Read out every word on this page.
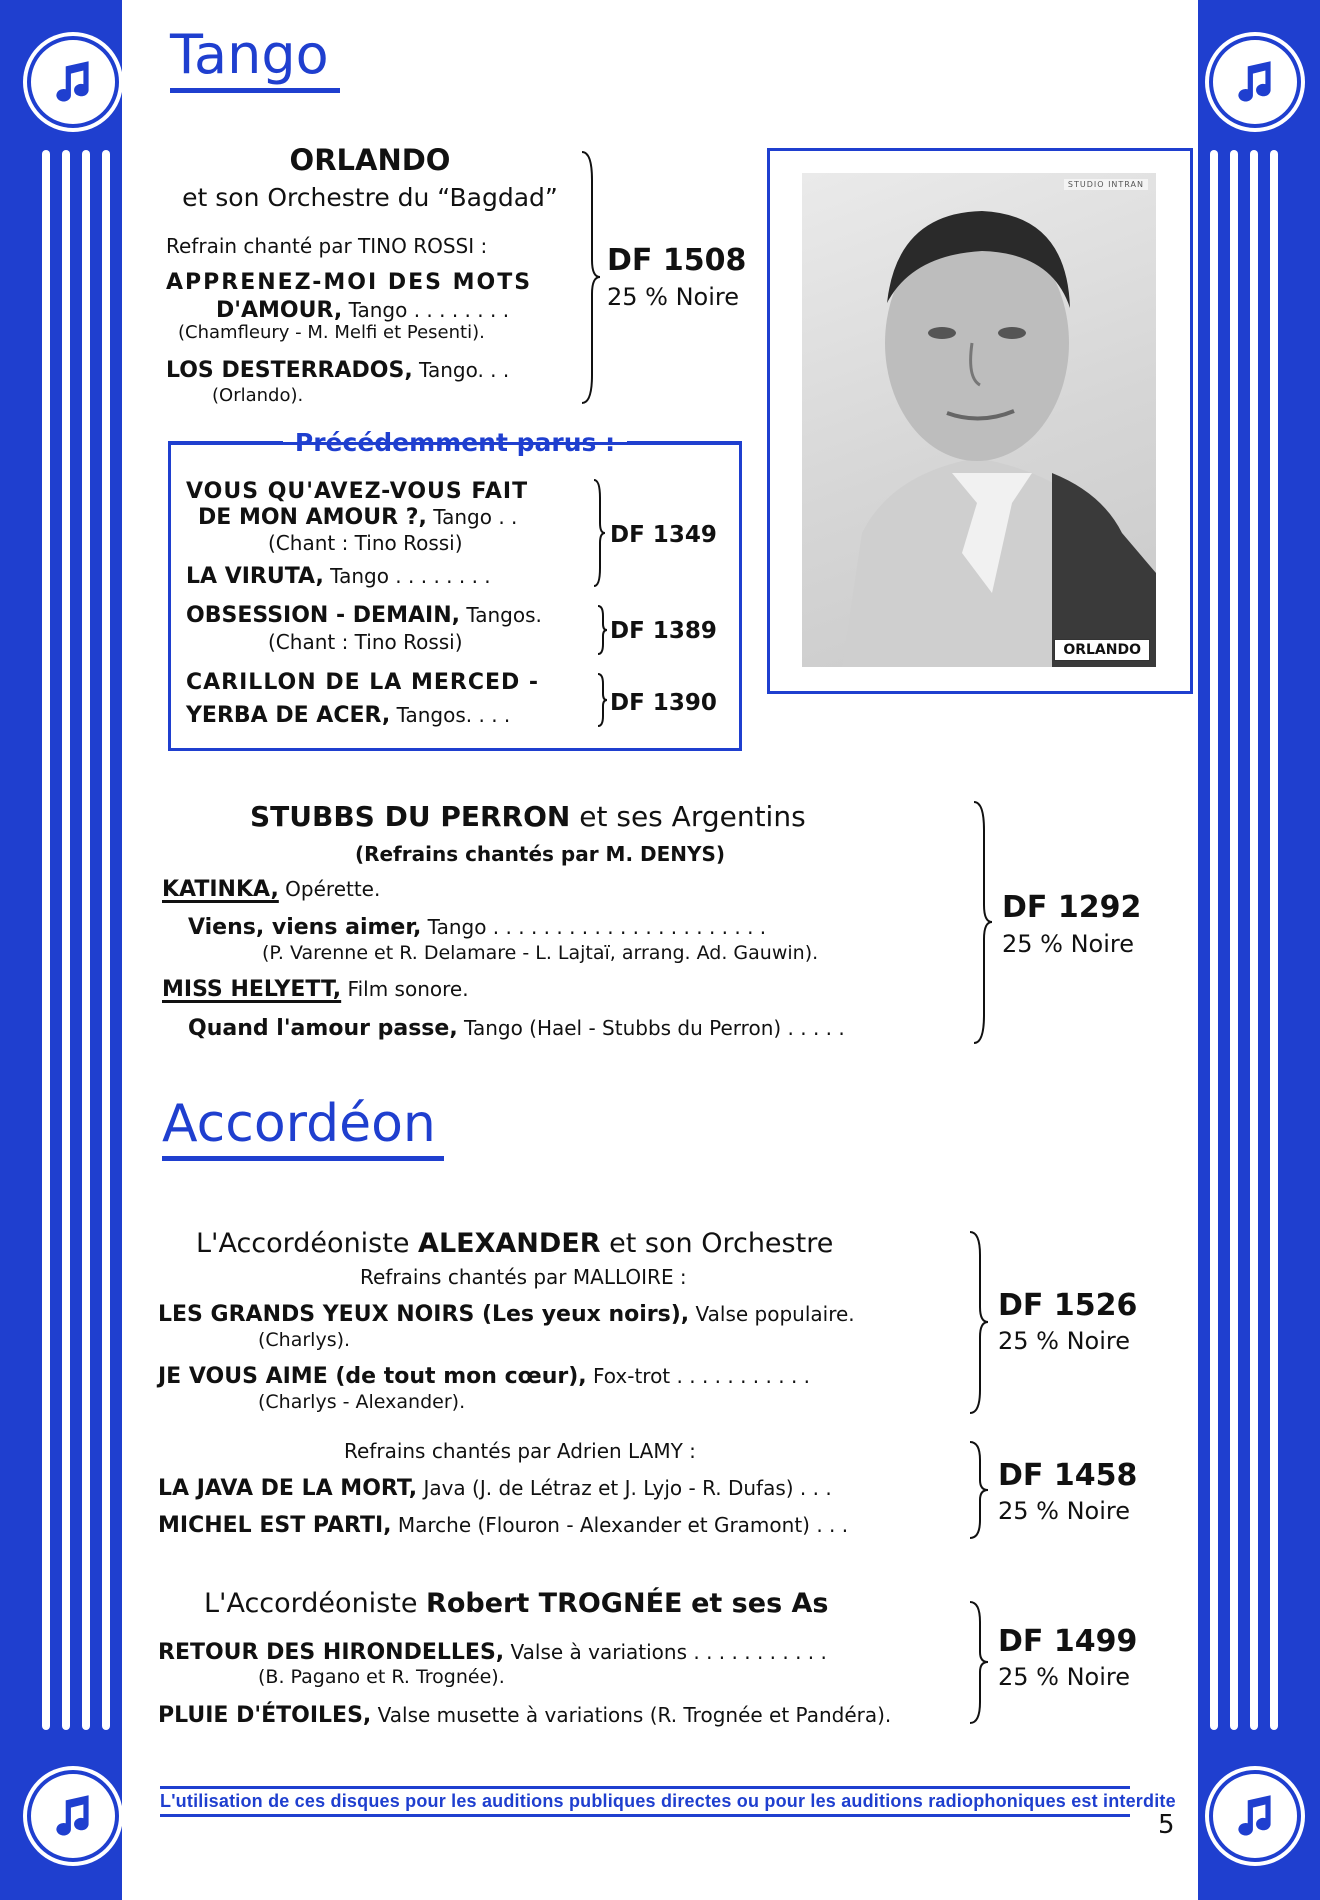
Tango
ORLANDO
et son Orchestre du “Bagdad”
Refrain chanté par TINO ROSSI :
APPRENEZ-MOI DES MOTS
D'AMOUR, Tango . . . . . . . .
(Chamfleury - M. Melfi et Pesenti).
LOS DESTERRADOS, Tango. . .
(Orlando).
DF 1508
25 % Noire
Précédemment parus :
VOUS QU'AVEZ-VOUS FAIT
DE MON AMOUR ?, Tango . .
(Chant : Tino Rossi)
LA VIRUTA, Tango . . . . . . . .
DF 1349
OBSESSION - DEMAIN, Tangos.
(Chant : Tino Rossi)	DF 1389
CARILLON DE LA MERCED -
YERBA DE ACER, Tangos. . . .	DF 1390
STUDIO INTRAN
ORLANDO
STUBBS DU PERRON et ses Argentins
(Refrains chantés par M. DENYS)
KATINKA, Opérette.
Viens, viens aimer, Tango . . . . . . . . . . . . . . . . . . . . . .
(P. Varenne et R. Delamare - L. Lajtaï, arrang. Ad. Gauwin).
MISS HELYETT, Film sonore.
Quand l'amour passe, Tango (Hael - Stubbs du Perron) . . . . .
DF 1292
25 % Noire
Accordéon
L'Accordéoniste ALEXANDER et son Orchestre
Refrains chantés par MALLOIRE :
LES GRANDS YEUX NOIRS (Les yeux noirs), Valse populaire.
(Charlys).
JE VOUS AIME (de tout mon cœur), Fox-trot . . . . . . . . . . .
(Charlys - Alexander).
DF 1526
25 % Noire
Refrains chantés par Adrien LAMY :
LA JAVA DE LA MORT, Java (J. de Létraz et J. Lyjo - R. Dufas) . . .
MICHEL EST PARTI, Marche (Flouron - Alexander et Gramont) . . .
DF 1458
25 % Noire
L'Accordéoniste Robert TROGNÉE et ses As
RETOUR DES HIRONDELLES, Valse à variations . . . . . . . . . . .
(B. Pagano et R. Trognée).
PLUIE D'ÉTOILES, Valse musette à variations (R. Trognée et Pandéra).
DF 1499
25 % Noire
L'utilisation de ces disques pour les auditions publiques directes ou pour les auditions radiophoniques est interdite
5
